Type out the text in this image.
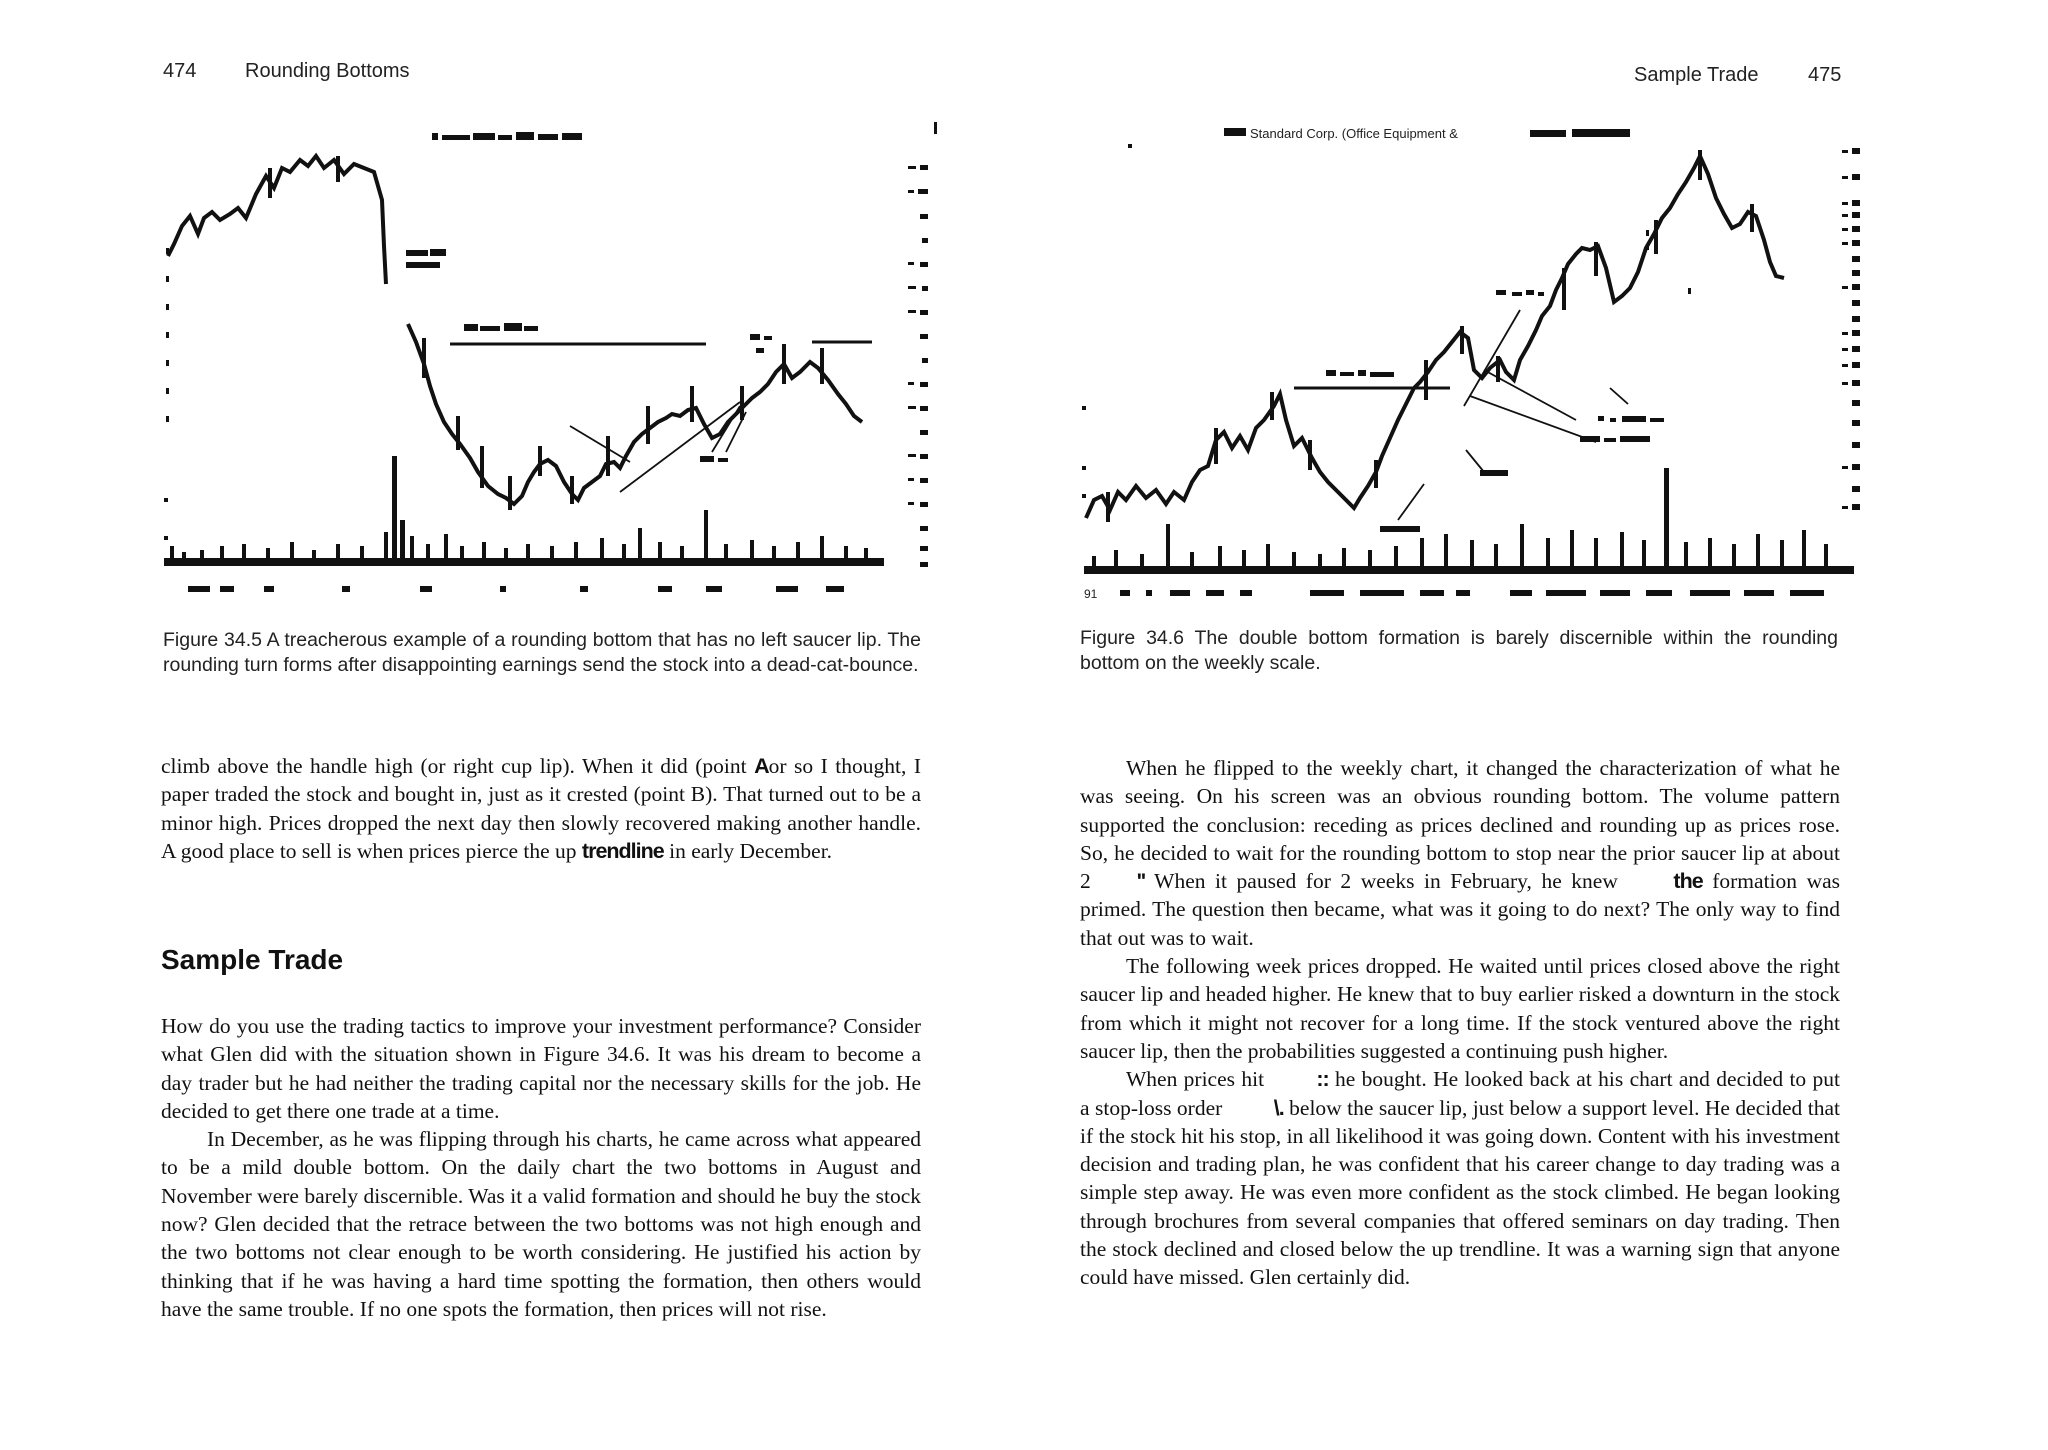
474 Rounding Bottoms
Figure 34.5 A treacherous example of a rounding bottom that has no left saucer lip. The rounding turn forms after disappointing earnings send the stock into a dead-cat-bounce.

climb above the handle high (or right cup lip). When it did (point Aor so I thought, I paper traded the stock and bought in, just as it crested (point B). That turned out to be a minor high. Prices dropped the next day then slowly recovered making another handle. A good place to sell is when prices pierce the up trendline in early December.

Sample Trade

How do you use the trading tactics to improve your investment performance? Consider what Glen did with the situation shown in Figure 34.6. It was his dream to become a day trader but he had neither the trading capital nor the necessary skills for the job. He decided to get there one trade at a time.

In December, as he was flipping through his charts, he came across what appeared to be a mild double bottom. On the daily chart the two bottoms in August and November were barely discernible. Was it a valid formation and should he buy the stock now? Glen decided that the retrace between the two bottoms was not high enough and the two bottoms not clear enough to be worth considering. He justified his action by thinking that if he was having a hard time spotting the formation, then others would have the same trouble. If no one spots the formation, then prices will not rise.

Sample Trade 475
Standard Corp. (Office Equipment &
91
Figure 34.6 The double bottom formation is barely discernible within the rounding bottom on the weekly scale.

When he flipped to the weekly chart, it changed the characterization of what he was seeing. On his screen was an obvious rounding bottom. The volume pattern supported the conclusion: receding as prices declined and rounding up as prices rose. So, he decided to wait for the rounding bottom to stop near the prior saucer lip at about 2 '' When it paused for 2 weeks in February, he knew the formation was primed. The question then became, what was it going to do next? The only way to find that out was to wait.

The following week prices dropped. He waited until prices closed above the right saucer lip and headed higher. He knew that to buy earlier risked a downturn in the stock from which it might not recover for a long time. If the stock ventured above the right saucer lip, then the probabilities suggested a continuing push higher.

When prices hit :: he bought. He looked back at his chart and decided to put a stop-loss order \. below the saucer lip, just below a support level. He decided that if the stock hit his stop, in all likelihood it was going down. Content with his investment decision and trading plan, he was confident that his career change to day trading was a simple step away. He was even more confident as the stock climbed. He began looking through brochures from several companies that offered seminars on day trading. Then the stock declined and closed below the up trendline. It was a warning sign that anyone could have missed. Glen certainly did.
